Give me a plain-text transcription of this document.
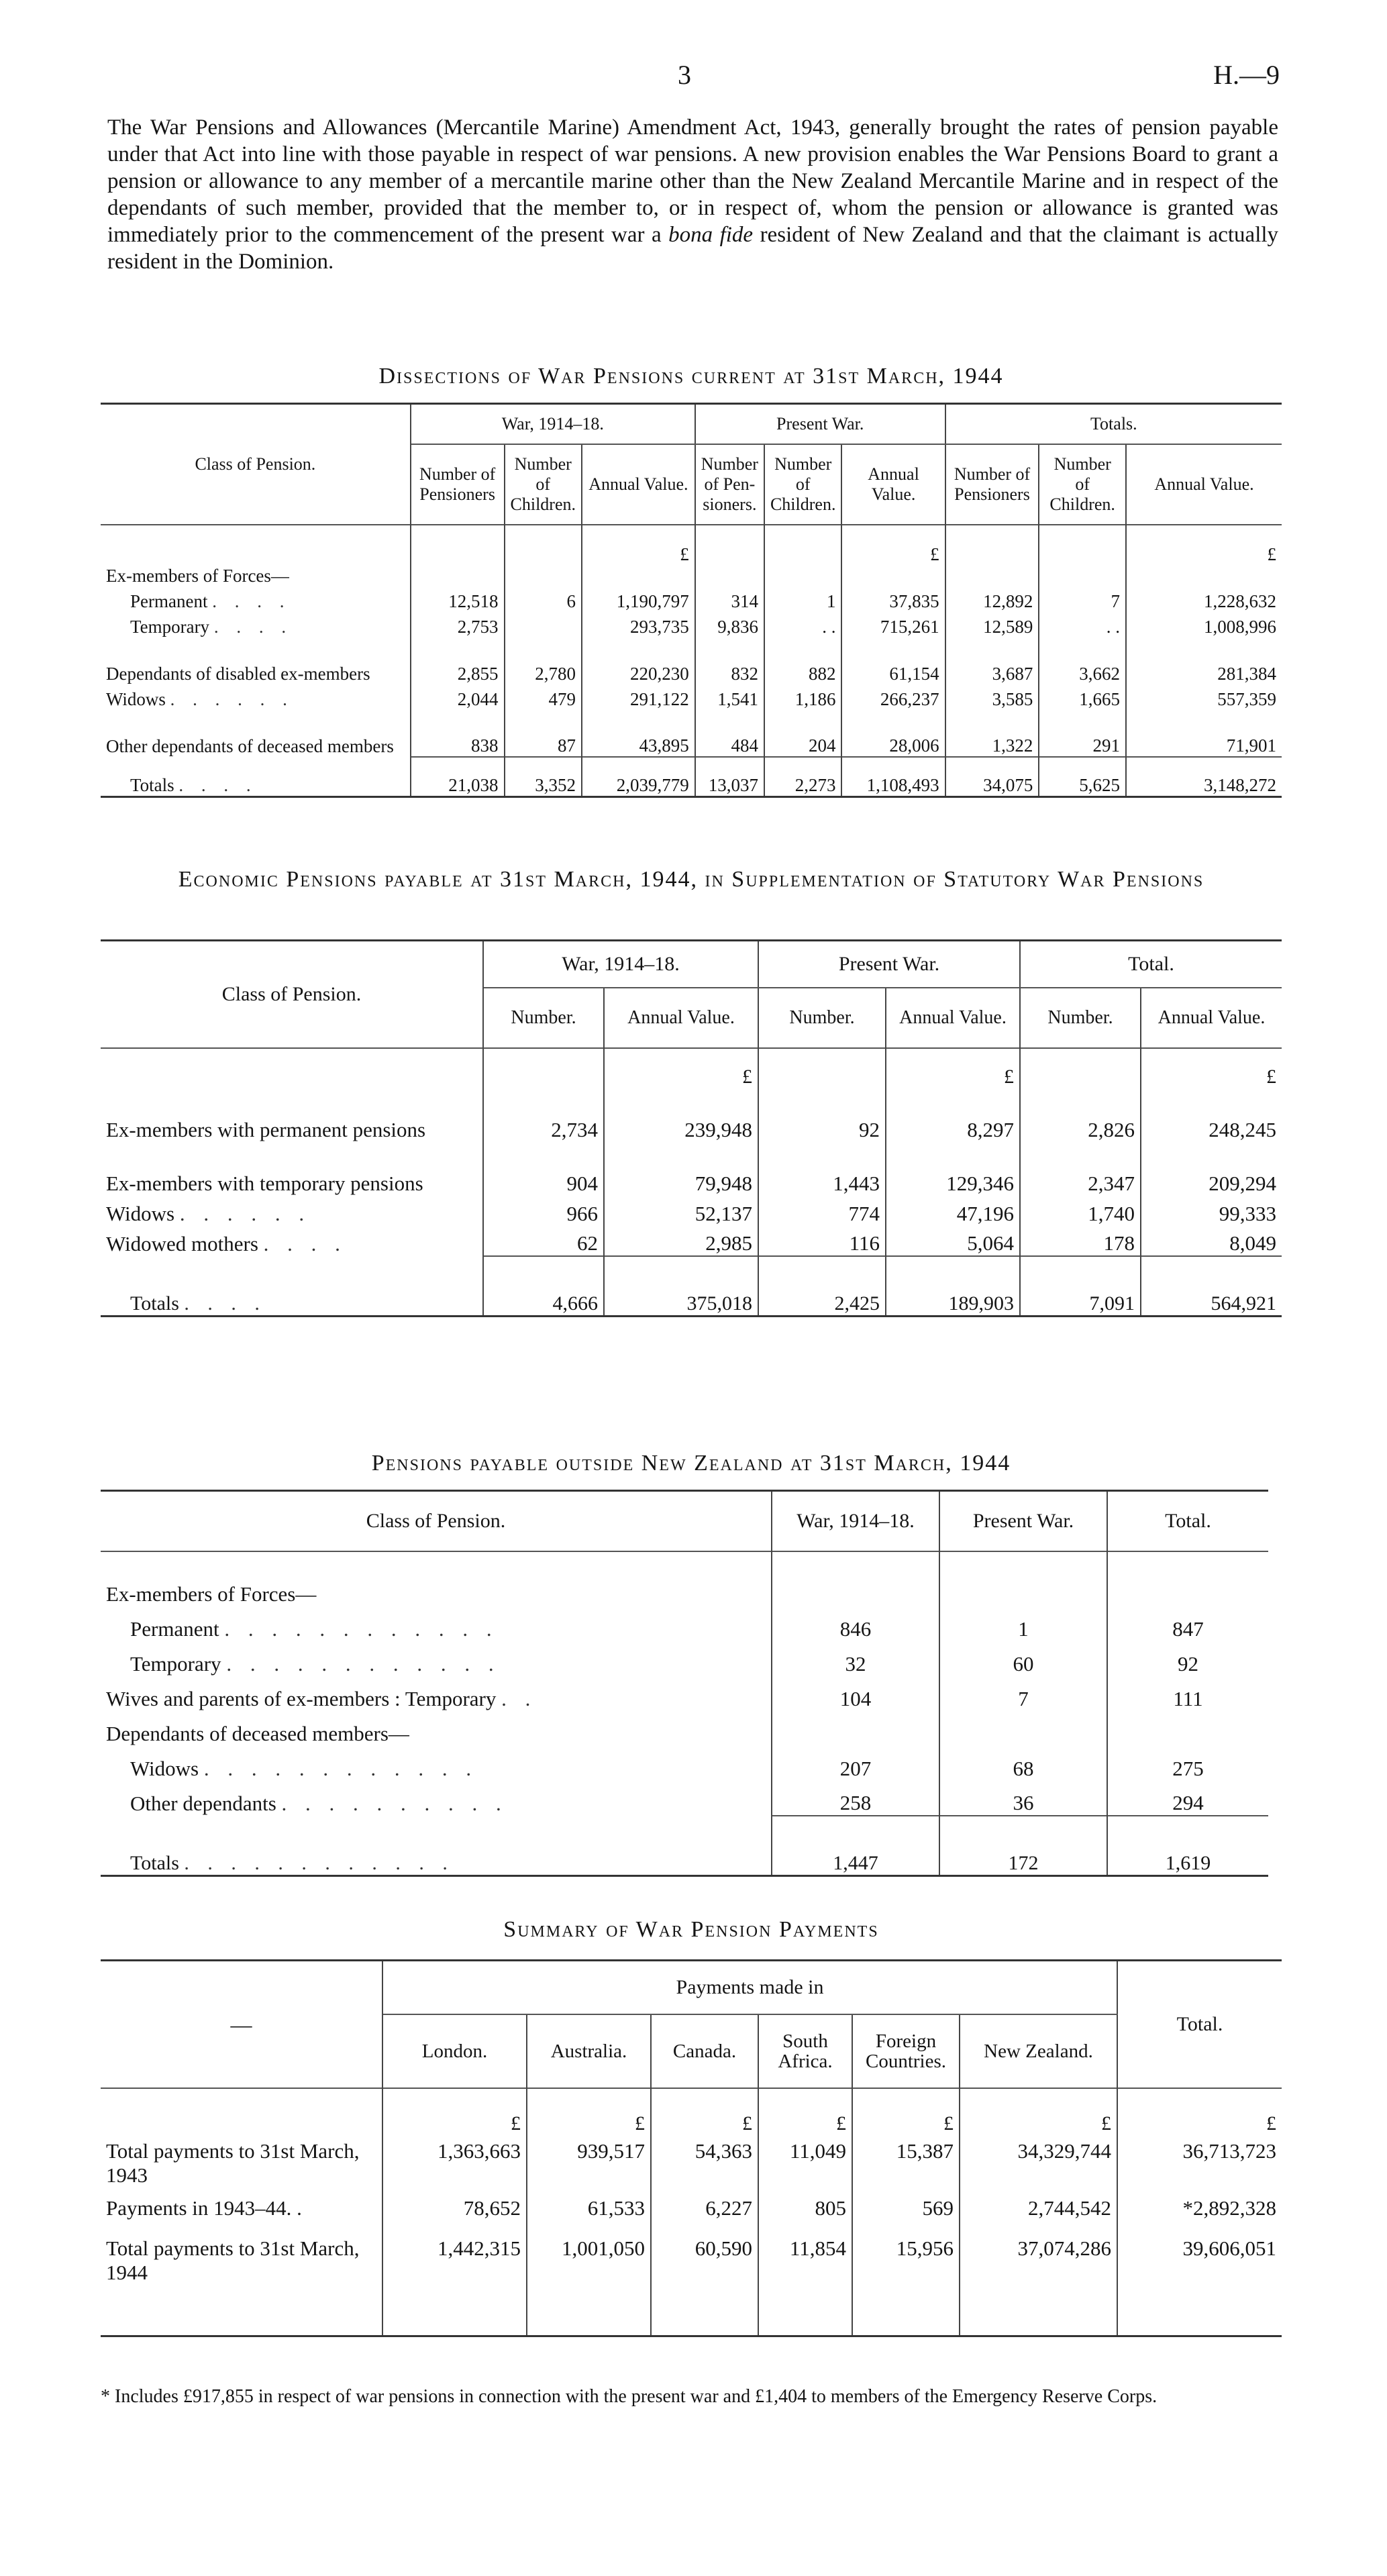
3	H.—9
The War Pensions and Allowances (Mercantile Marine) Amendment Act, 1943, generally brought the rates of pension payable under that Act into line with those payable in respect of war pensions. A new provision enables the War Pensions Board to grant a pension or allowance to any member of a mercantile marine other than the New Zealand Mercantile Marine and in respect of the dependants of such member, provided that the member to, or in respect of, whom the pension or allowance is granted was immediately prior to the commencement of the present war a bona fide resident of New Zealand and that the claimant is actually resident in the Dominion.
Dissections of War Pensions current at 31st March, 1944
Class of Pension.	War, 1914–18.			Present War.			Totals.		
	Number of Pensioners	Number of Children.	Annual Value.	Number of Pen-sioners.	Number of Children.	Annual Value.	Number of Pensioners	Number of Children.	Annual Value.
			£			£			£
Ex-members of Forces—									
Permanent . . . .	12,518	6	1,190,797	314	1	37,835	12,892	7	1,228,632
Temporary . . . .	2,753		293,735	9,836	. .	715,261	12,589	. .	1,008,996
Dependants of disabled ex-members	2,855	2,780	220,230	832	882	61,154	3,687	3,662	281,384
Widows . . . . . .	2,044	479	291,122	1,541	1,186	266,237	3,585	1,665	557,359
Other dependants of deceased members	838	87	43,895	484	204	28,006	1,322	291	71,901
Totals . . . .	21,038	3,352	2,039,779	13,037	2,273	1,108,493	34,075	5,625	3,148,272
Economic Pensions payable at 31st March, 1944, in Supplementation of Statutory War Pensions
Class of Pension.	War, 1914–18.		Present War.		Total.	
	Number.	Annual Value.	Number.	Annual Value.	Number.	Annual Value.
		£		£		£
Ex-members with permanent pensions	2,734	239,948	92	8,297	2,826	248,245
Ex-members with temporary pensions	904	79,948	1,443	129,346	2,347	209,294
Widows . . . . . .	966	52,137	774	47,196	1,740	99,333
Widowed mothers . . . .	62	2,985	116	5,064	178	8,049
Totals . . . .	4,666	375,018	2,425	189,903	7,091	564,921
Pensions payable outside New Zealand at 31st March, 1944
Class of Pension.	War, 1914–18.	Present War.	Total.

Ex-members of Forces—			
Permanent . . . . . . . . . . . .	846	1	847
Temporary . . . . . . . . . . . .	32	60	92
Wives and parents of ex-members : Temporary . .	104	7	111
Dependants of deceased members—			
Widows . . . . . . . . . . . .	207	68	275
Other dependants . . . . . . . . . .	258	36	294
Totals . . . . . . . . . . . .	1,447	172	1,619
Summary of War Pension Payments
—	Payments made in						Total.
	London.	Australia.	Canada.	South Africa.	Foreign Countries.	New Zealand.	
	£	£	£	£	£	£	£
Total payments to 31st March, 1943	1,363,663	939,517	54,363	11,049	15,387	34,329,744	36,713,723
Payments in 1943–44. .	78,652	61,533	6,227	805	569	2,744,542	*2,892,328
Total payments to 31st March, 1944	1,442,315	1,001,050	60,590	11,854	15,956	37,074,286	39,606,051

* Includes £917,855 in respect of war pensions in connection with the present war and £1,404 to members of the Emergency Reserve Corps.
